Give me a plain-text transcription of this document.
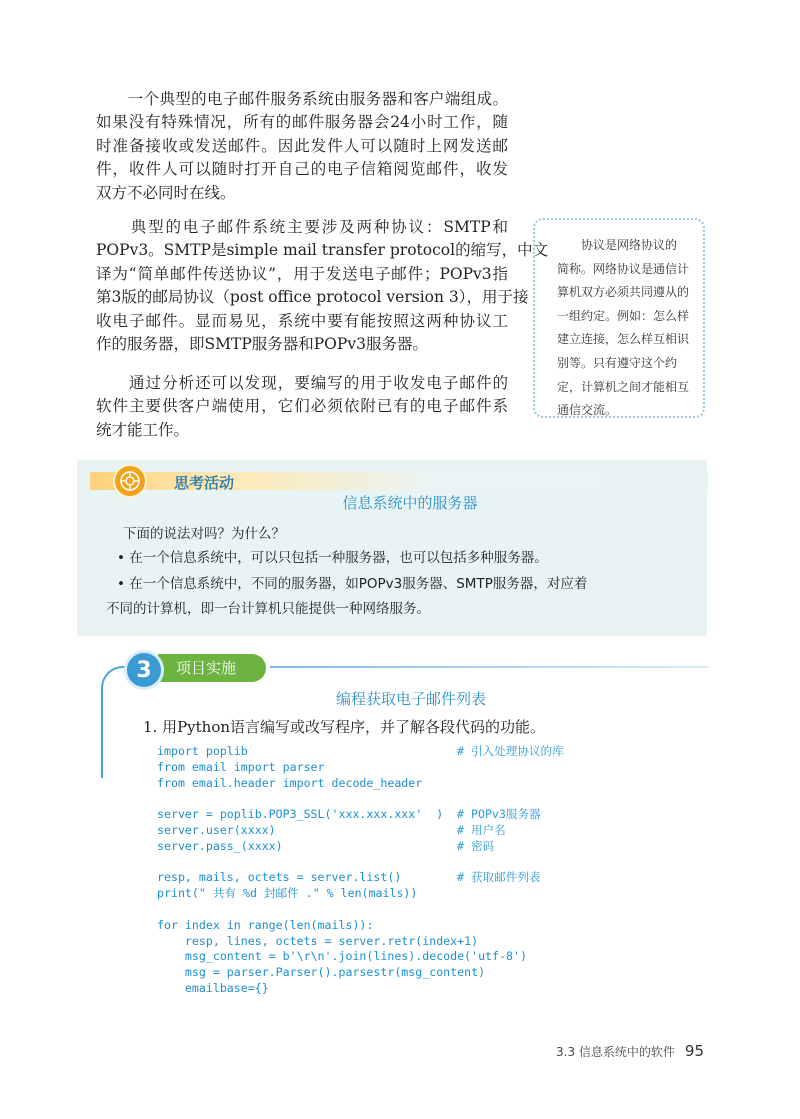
　　一个典型的电子邮件服务系统由服务器和客户端组成。
如果没有特殊情况，所有的邮件服务器会24小时工作，随
时准备接收或发送邮件。因此发件人可以随时上网发送邮
件，收件人可以随时打开自己的电子信箱阅览邮件，收发
双方不必同时在线。
　　典型的电子邮件系统主要涉及两种协议：SMTP和
POPv3。SMTP是simple mail transfer protocol的缩写，中文
译为“简单邮件传送协议”，用于发送电子邮件；POPv3指
第3版的邮局协议（post office protocol version 3），用于接
收电子邮件。显而易见，系统中要有能按照这两种协议工
作的服务器，即SMTP服务器和POPv3服务器。
　　通过分析还可以发现，要编写的用于收发电子邮件的
软件主要供客户端使用，它们必须依附已有的电子邮件系
统才能工作。
　　协议是网络协议的
简称。网络协议是通信计
算机双方必须共同遵从的
一组约定。例如：怎么样
建立连接，怎么样互相识
别等。只有遵守这个约
定，计算机之间才能相互
通信交流。
思考活动
信息系统中的服务器
下面的说法对吗？为什么？
• 在一个信息系统中，可以只包括一种服务器，也可以包括多种服务器。
• 在一个信息系统中，不同的服务器，如POPv3服务器、SMTP服务器，对应着
不同的计算机，即一台计算机只能提供一种网络服务。
项目实施
3
编程获取电子邮件列表
1. 用Python语言编写或改写程序，并了解各段代码的功能。
import poplib	# 引入处理协议的库
from email import parser
from email.header import decode_header
server = poplib.POP3_SSL('xxx.xxx.xxx'  ) # POPv3服务器
server.user(xxxx)	# 用户名
server.pass_(xxxx)	# 密码
resp, mails, octets = server.list()	# 获取邮件列表
print(" 共有 %d 封邮件 ." % len(mails))
for index in range(len(mails)):
resp, lines, octets = server.retr(index+1)
msg_content = b'\r\n'.join(lines).decode('utf-8')
msg = parser.Parser().parsestr(msg_content)
emailbase={}
3.3 信息系统中的软件 95
